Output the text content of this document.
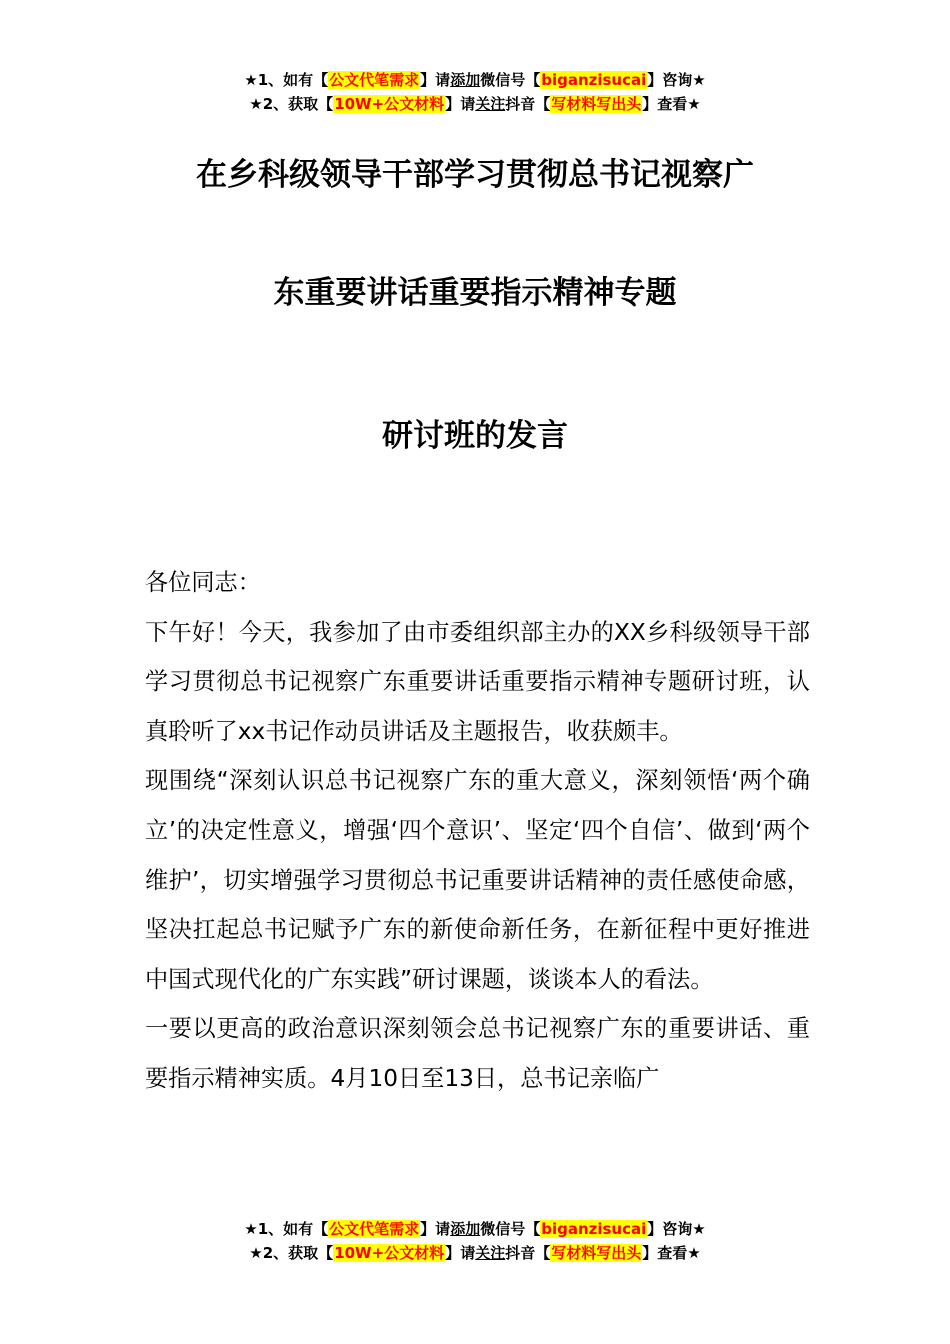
★1、如有【公文代笔需求】请添加微信号【biganzisucai】咨询★
★2、获取【10W+公文材料】请关注抖音【写材料写出头】查看★
在乡科级领导干部学习贯彻总书记视察广
东重要讲话重要指示精神专题
研讨班的发言

各位同志：

下午好！今天，我参加了由市委组织部主办的XX乡科级领导干部学习贯彻总书记视察广东重要讲话重要指示精神专题研讨班，认真聆听了xx书记作动员讲话及主题报告，收获颇丰。

现围绕“深刻认识总书记视察广东的重大意义，深刻领悟‘两个确立’的决定性意义，增强‘四个意识’、坚定‘四个自信’、做到‘两个维护’，切实增强学习贯彻总书记重要讲话精神的责任感使命感，坚决扛起总书记赋予广东的新使命新任务，在新征程中更好推进中国式现代化的广东实践”研讨课题，谈谈本人的看法。

一要以更高的政治意识深刻领会总书记视察广东的重要讲话、重要指示精神实质。4月10日至13日，总书记亲临广

★1、如有【公文代笔需求】请添加微信号【biganzisucai】咨询★
★2、获取【10W+公文材料】请关注抖音【写材料写出头】查看★
